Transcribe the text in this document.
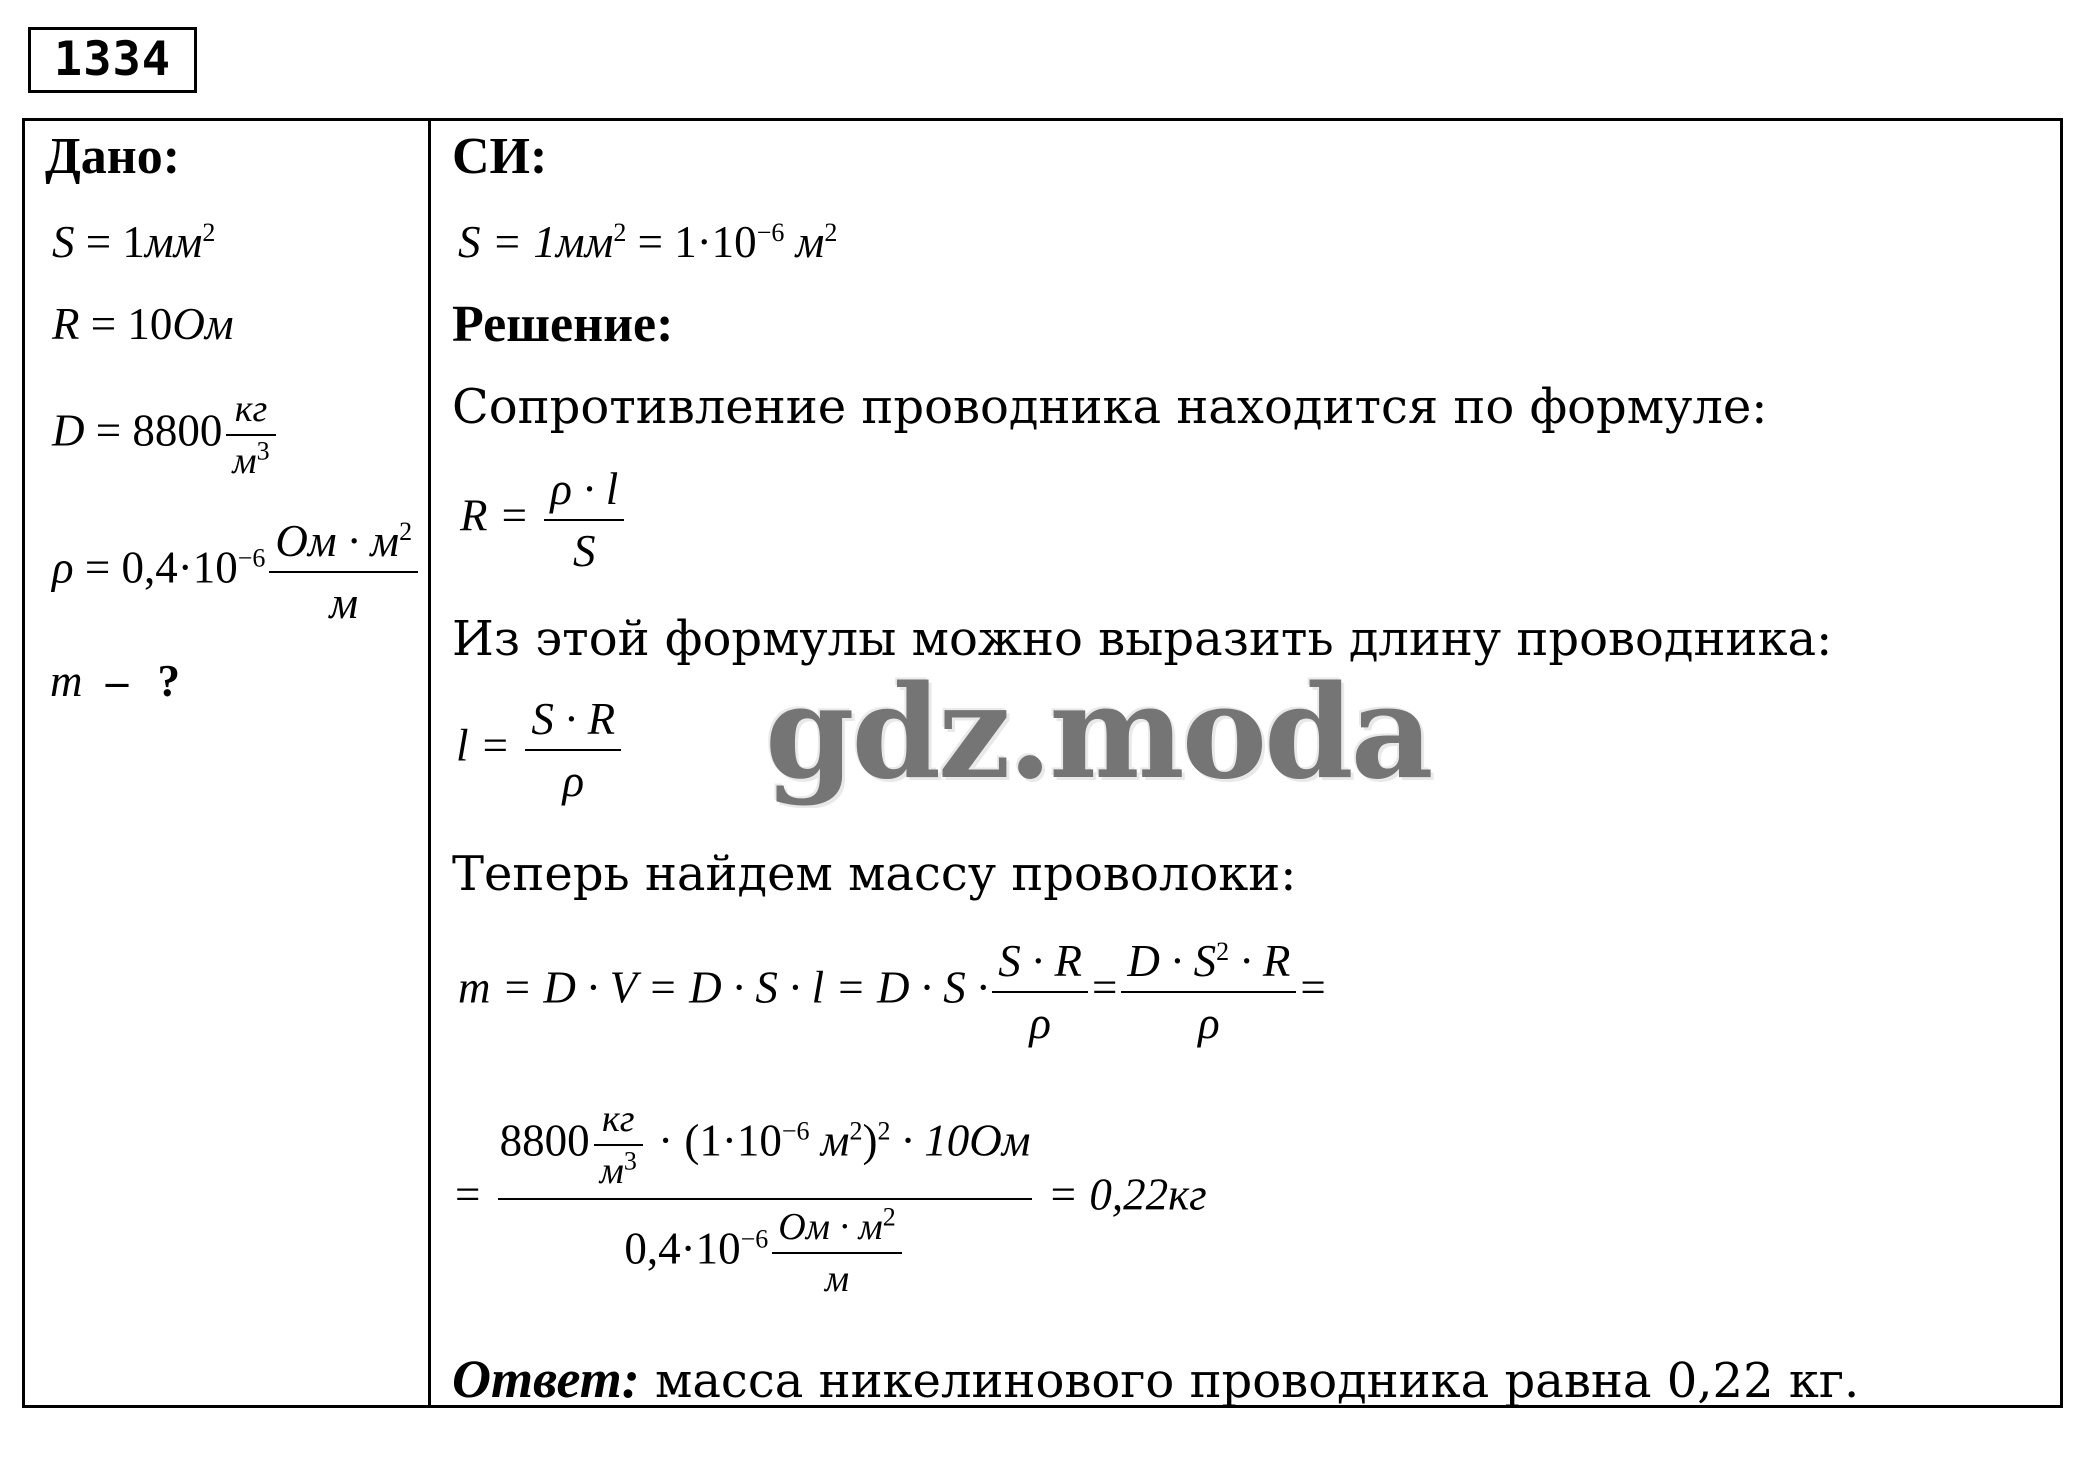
1334
Дано:
$S = 1мм^2$
R = 10Ом
D = 8800 кг
$м^3$
$\rho = 0,4\cdot 10^{-6}$ Ом · $м^2$
м
m – ?
СИ:
$S = 1мм^2 = 1\cdot 10^{-6}$ $м^2$
Решение:
Сопротивление проводника находится по формуле:
$R = \frac{\rho \cdot l}{S}$
Из этой формулы можно выразить длину проводника:
$l = \frac{S \cdot R}{\rho}$
Теперь найдем массу проволоки:
$m = D \cdot V = D \cdot S \cdot l = D \cdot S \cdot \frac{S \cdot R}{\rho} = \frac{D \cdot S^2 \cdot R}{\rho}$ =
=
8800 кг
$м^3 \cdot (1\cdot 10^{-6}$ $м^2)^2 \cdot 10Ом$
$0,4\cdot 10^{-6}$ Ом · $м^2$
м
= 0,22кг
Ответ: масса никелинового проводника равна 0,22 кг.
gdz.moda
